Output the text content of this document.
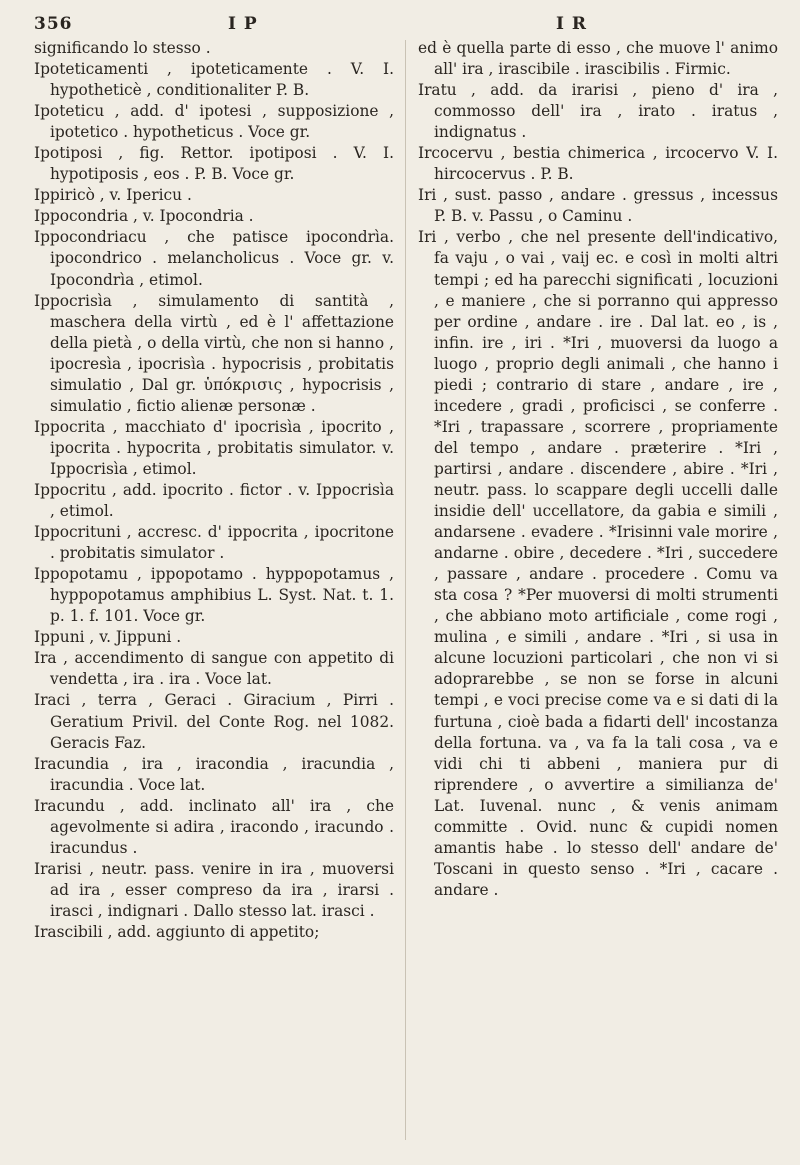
356	I P	I R

significando lo stesso .

Ipoteticamenti , ipoteticamente . V. I. hypotheticè , conditionaliter P. B.

Ipoteticu , add. d' ipotesi , supposizione , ipotetico . hypotheticus . Voce gr.

Ipotiposi , fig. Rettor. ipotiposi . V. I. hypotiposis , eos . P. B. Voce gr.

Ippiricò , v. Ipericu .

Ippocondria , v. Ipocondria .

Ippocondriacu , che patisce ipocondrìa. ipocondrico . melancholicus . Voce gr. v. Ipocondrìa , etimol.

Ippocrisìa , simulamento di santità , maschera della virtù , ed è l' affettazione della pietà , o della virtù, che non si hanno , ipocresìa , ipocrisìa . hypocrisis , probitatis simulatio , Dal gr. ὑπόκρισις , hypocrisis , simulatio , fictio alienæ personæ .

Ippocrita , macchiato d' ipocrisìa , ipocrito , ipocrita . hypocrita , probitatis simulator. v. Ippocrisìa , etimol.

Ippocritu , add. ipocrito . fictor . v. Ippocrisìa , etimol.

Ippocrituni , accresc. d' ippocrita , ipocritone . probitatis simulator .

Ippopotamu , ippopotamo . hyppopotamus , hyppopotamus amphibius L. Syst. Nat. t. 1. p. 1. f. 101. Voce gr.

Ippuni , v. Jippuni .

Ira , accendimento di sangue con appetito di vendetta , ira . ira . Voce lat.

Iraci , terra , Geraci . Giracium , Pirri . Geratium Privil. del Conte Rog. nel 1082. Geracis Faz.

Iracundia , ira , iracondia , iracundia , iracundia . Voce lat.

Iracundu , add. inclinato all' ira , che agevolmente si adira , iracondo , iracundo . iracundus .

Irarisi , neutr. pass. venire in ira , muoversi ad ira , esser compreso da ira , irarsi . irasci , indignari . Dallo stesso lat. irasci .

Irascibili , add. aggiunto di appetito;

ed è quella parte di esso , che muove l' animo all' ira , irascibile . irascibilis . Firmic.

Iratu , add. da irarisi , pieno d' ira , commosso dell' ira , irato . iratus , indignatus .

Ircocervu , bestia chimerica , ircocervo V. I. hircocervus . P. B.

Iri , sust. passo , andare . gressus , incessus P. B. v. Passu , o Caminu .

Iri , verbo , che nel presente dell'indicativo, fa vaju , o vai , vaij ec. e così in molti altri tempi ; ed ha parecchi significati , locuzioni , e maniere , che si porranno qui appresso per ordine , andare . ire . Dal lat. eo , is , infin. ire , iri . *Iri , muoversi da luogo a luogo , proprio degli animali , che hanno i piedi ; contrario di stare , andare , ire , incedere , gradi , proficisci , se conferre . *Iri , trapassare , scorrere , propriamente del tempo , andare . præterire . *Iri , partirsi , andare . discendere , abire . *Iri , neutr. pass. lo scappare degli uccelli dalle insidie dell' uccellatore, da gabia e simili , andarsene . evadere . *Irisinni vale morire , andarne . obire , decedere . *Iri , succedere , passare , andare . procedere . Comu va sta cosa ? *Per muoversi di molti strumenti , che abbiano moto artificiale , come rogi , mulina , e simili , andare . *Iri , si usa in alcune locuzioni particolari , che non vi si adoprarebbe , se non se forse in alcuni tempi , e voci precise come va e si dati di la furtuna , cioè bada a fidarti dell' incostanza della fortuna. va , va fa la tali cosa , va e vidi chi ti abbeni , maniera pur di riprendere , o avvertire a similianza de' Lat. Iuvenal. nunc , & venis animam committe . Ovid. nunc & cupidi nomen amantis habe . lo stesso dell' andare de' Toscani in questo senso . *Iri , cacare . andare .
